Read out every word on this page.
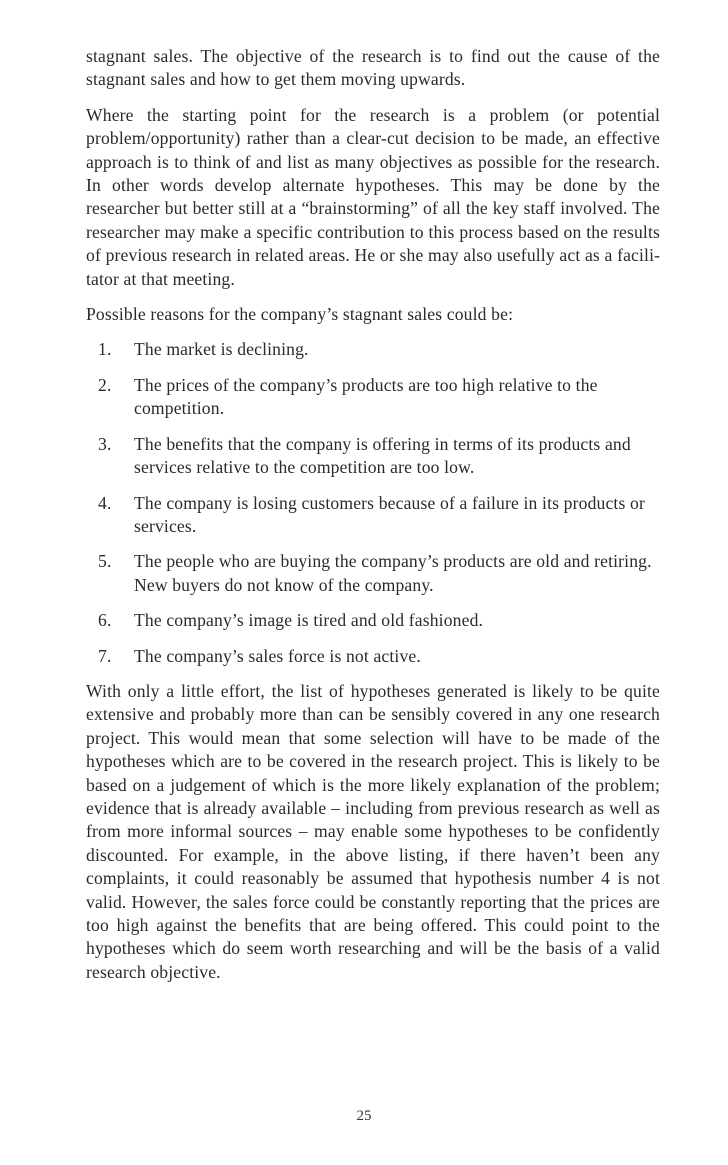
stagnant sales. The objective of the research is to find out the cause of the stagnant sales and how to get them moving upwards.

Where the starting point for the research is a problem (or potential problem/opportunity) rather than a clear-cut decision to be made, an effective approach is to think of and list as many objectives as possible for the research. In other words develop alternate hypotheses. This may be done by the researcher but better still at a “brainstorming” of all the key staff involved. The researcher may make a specific contribution to this process based on the results of previous research in related areas. He or she may also usefully act as a facilitator at that meeting.

Possible reasons for the company’s stagnant sales could be:

1. The market is declining.
2. The prices of the company’s products are too high relative to the competition.
3. The benefits that the company is offering in terms of its products and services relative to the competition are too low.
4. The company is losing customers because of a failure in its products or services.
5. The people who are buying the company’s products are old and retiring. New buyers do not know of the company.
6. The company’s image is tired and old fashioned.
7. The company’s sales force is not active.

With only a little effort, the list of hypotheses generated is likely to be quite extensive and probably more than can be sensibly covered in any one research project. This would mean that some selection will have to be made of the hypotheses which are to be covered in the research project. This is likely to be based on a judgement of which is the more likely explanation of the problem; evidence that is already available – including from previous research as well as from more informal sources – may enable some hypotheses to be confidently discounted. For example, in the above listing, if there haven’t been any complaints, it could reasonably be assumed that hypothesis number 4 is not valid. However, the sales force could be constantly reporting that the prices are too high against the benefits that are being offered. This could point to the hypotheses which do seem worth researching and will be the basis of a valid research objective.

25
